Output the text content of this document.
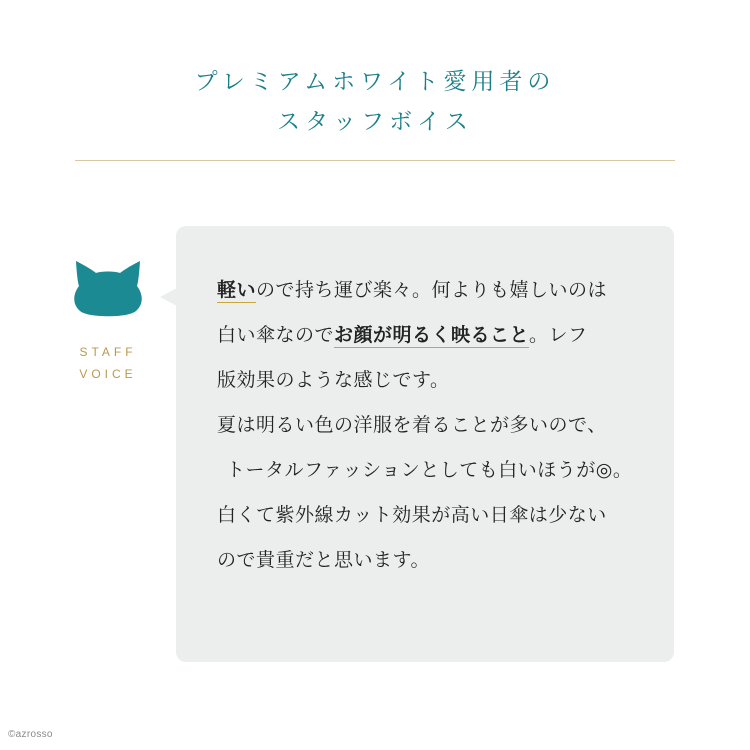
プレミアムホワイト愛用者の
スタッフボイス
STAFF
VOICE

軽いので持ち運び楽々。何よりも嬉しいのは

白い傘なのでお顔が明るく映ること。レフ

版効果のような感じです。

夏は明るい色の洋服を着ることが多いので、

トータルファッションとしても白いほうが◎。

白くて紫外線カット効果が高い日傘は少ない

ので貴重だと思います。

©azrosso
